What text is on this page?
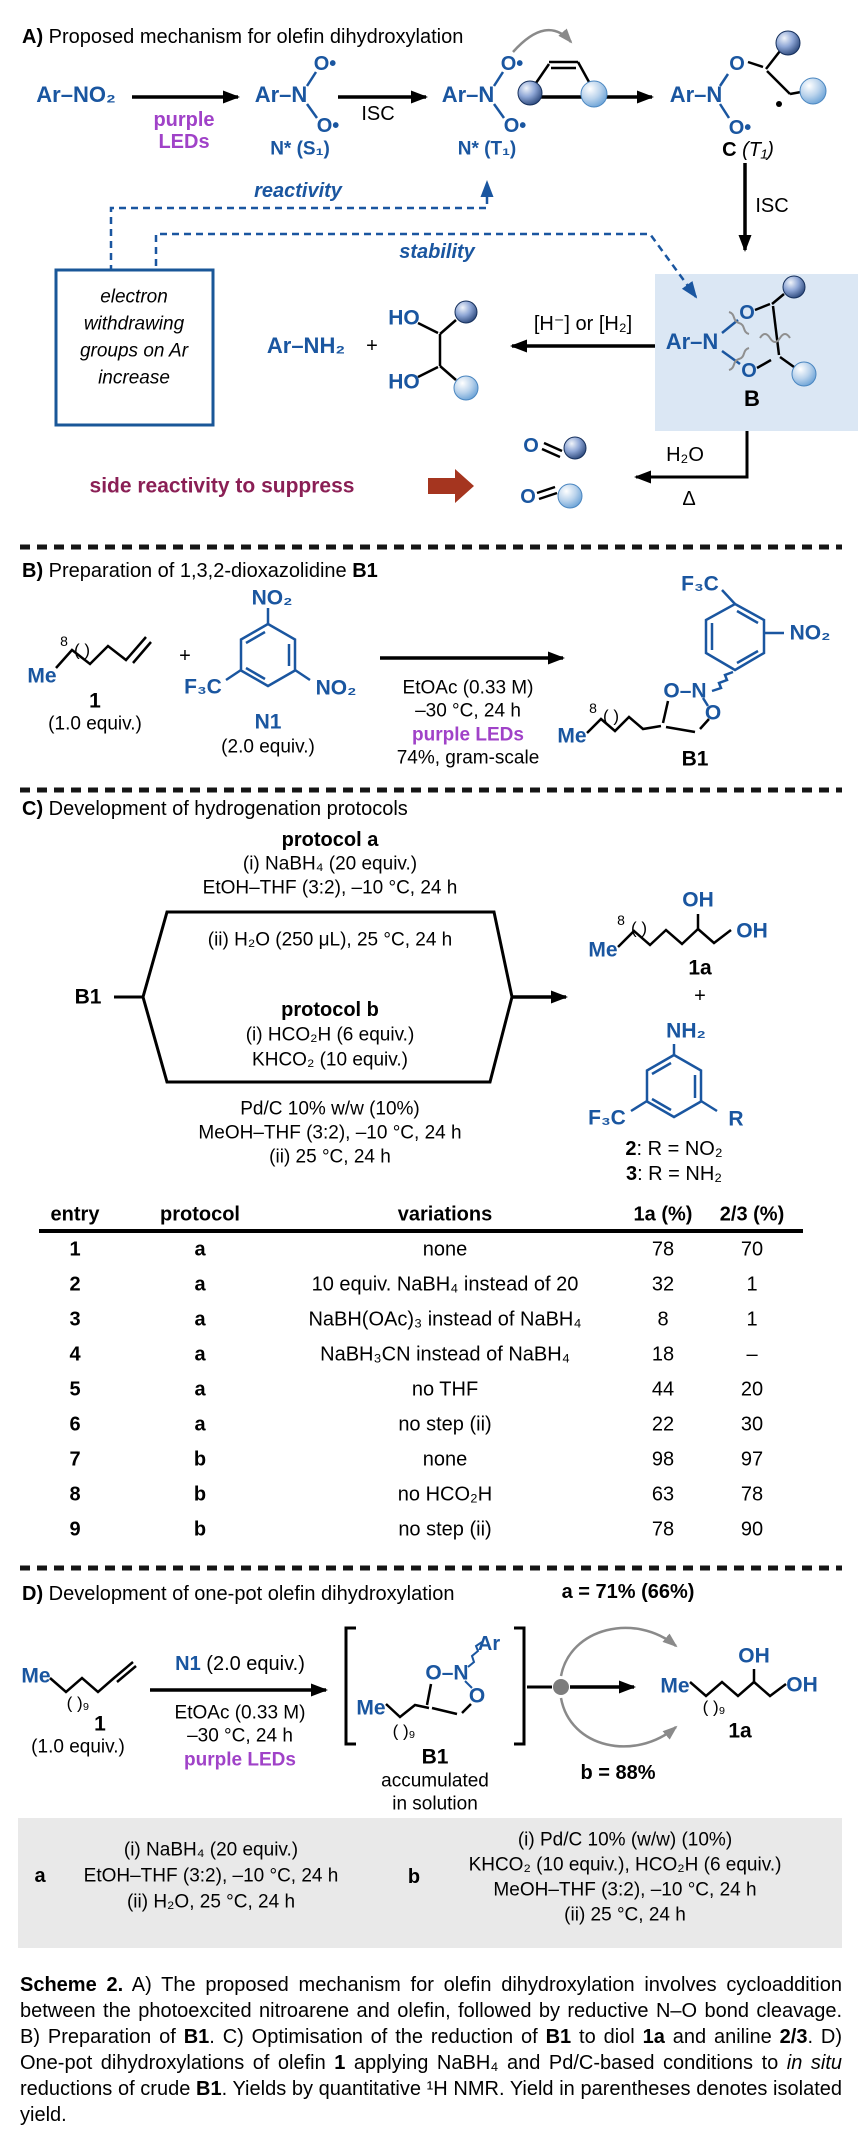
A) Proposed mechanism for olefin dihydroxylation
Ar–NO₂
purple
LEDs
Ar–N
O•
O•
N* (S₁)
ISC
Ar–N
O•
O•
N* (T₁)
Ar–N
O
O•
C (T₁)
reactivity
stability
ISC
electron
withdrawing
groups on Ar
increase
Ar–NH₂ +
HO
HO
[H⁻] or [H₂]
Ar–N
O
O
B
side reactivity to suppress
O
O
H₂O
Δ
B) Preparation of 1,3,2-dioxazolidine B1
Me
8 ( )
1
(1.0 equiv.)
+
NO₂
F₃C	NO₂
N1
(2.0 equiv.)
EtOAc (0.33 M)
–30 °C, 24 h
purple LEDs
74%, gram-scale
F₃C
NO₂
O–N
O
Me
8 ( )
B1
C) Development of hydrogenation protocols
protocol a
(i) NaBH₄ (20 equiv.)
EtOH–THF (3:2), –10 °C, 24 h
(ii) H₂O (250 μL), 25 °C, 24 h
B1
protocol b
(i) HCO₂H (6 equiv.)
KHCO₂ (10 equiv.)
Pd/C 10% w/w (10%)
MeOH–THF (3:2), –10 °C, 24 h
(ii) 25 °C, 24 h
OH
OH
Me
8 ( )
1a
+
NH₂
F₃C	R
2: R = NO₂
3: R = NH₂
entry	protocol	variations	1a (%) 2/3 (%)
1	a	none	78	70
2	a	10 equiv. NaBH₄ instead of 20	32	1
3	a	NaBH(OAc)₃ instead of NaBH₄	8	1
4	a	NaBH₃CN instead of NaBH₄	18	–
5	a	no THF	44	20
6	a	no step (ii)	22	30
7	b	none	98	97
8	b	no HCO₂H	63	78
9	b	no step (ii)	78	90
D) Development of one-pot olefin dihydroxylation	a = 71% (66%)
Me
( )₉
1
(1.0 equiv.)
N1 (2.0 equiv.)
EtOAc (0.33 M)
–30 °C, 24 h
purple LEDs
Ar
O–N
O
Me
( )₉
B1
accumulated
in solution
b = 88%
OH
OH
Me
( )₉
1a
a
(i) NaBH₄ (20 equiv.)
EtOH–THF (3:2), –10 °C, 24 h
(ii) H₂O, 25 °C, 24 h
b
(i) Pd/C 10% (w/w) (10%)
KHCO₂ (10 equiv.), HCO₂H (6 equiv.)
MeOH–THF (3:2), –10 °C, 24 h
(ii) 25 °C, 24 h
Scheme 2. A) The proposed mechanism for olefin dihydroxylation involves cycloaddition between the photoexcited nitroarene and olefin, followed by reductive N–O bond cleavage. B) Preparation of B1. C) Optimisation of the reduction of B1 to diol 1a and aniline 2/3. D) One-pot dihydroxylations of olefin 1 applying NaBH₄ and Pd/C-based conditions to in situ reductions of crude B1. Yields by quantitative ¹H NMR. Yield in parentheses denotes isolated yield.
